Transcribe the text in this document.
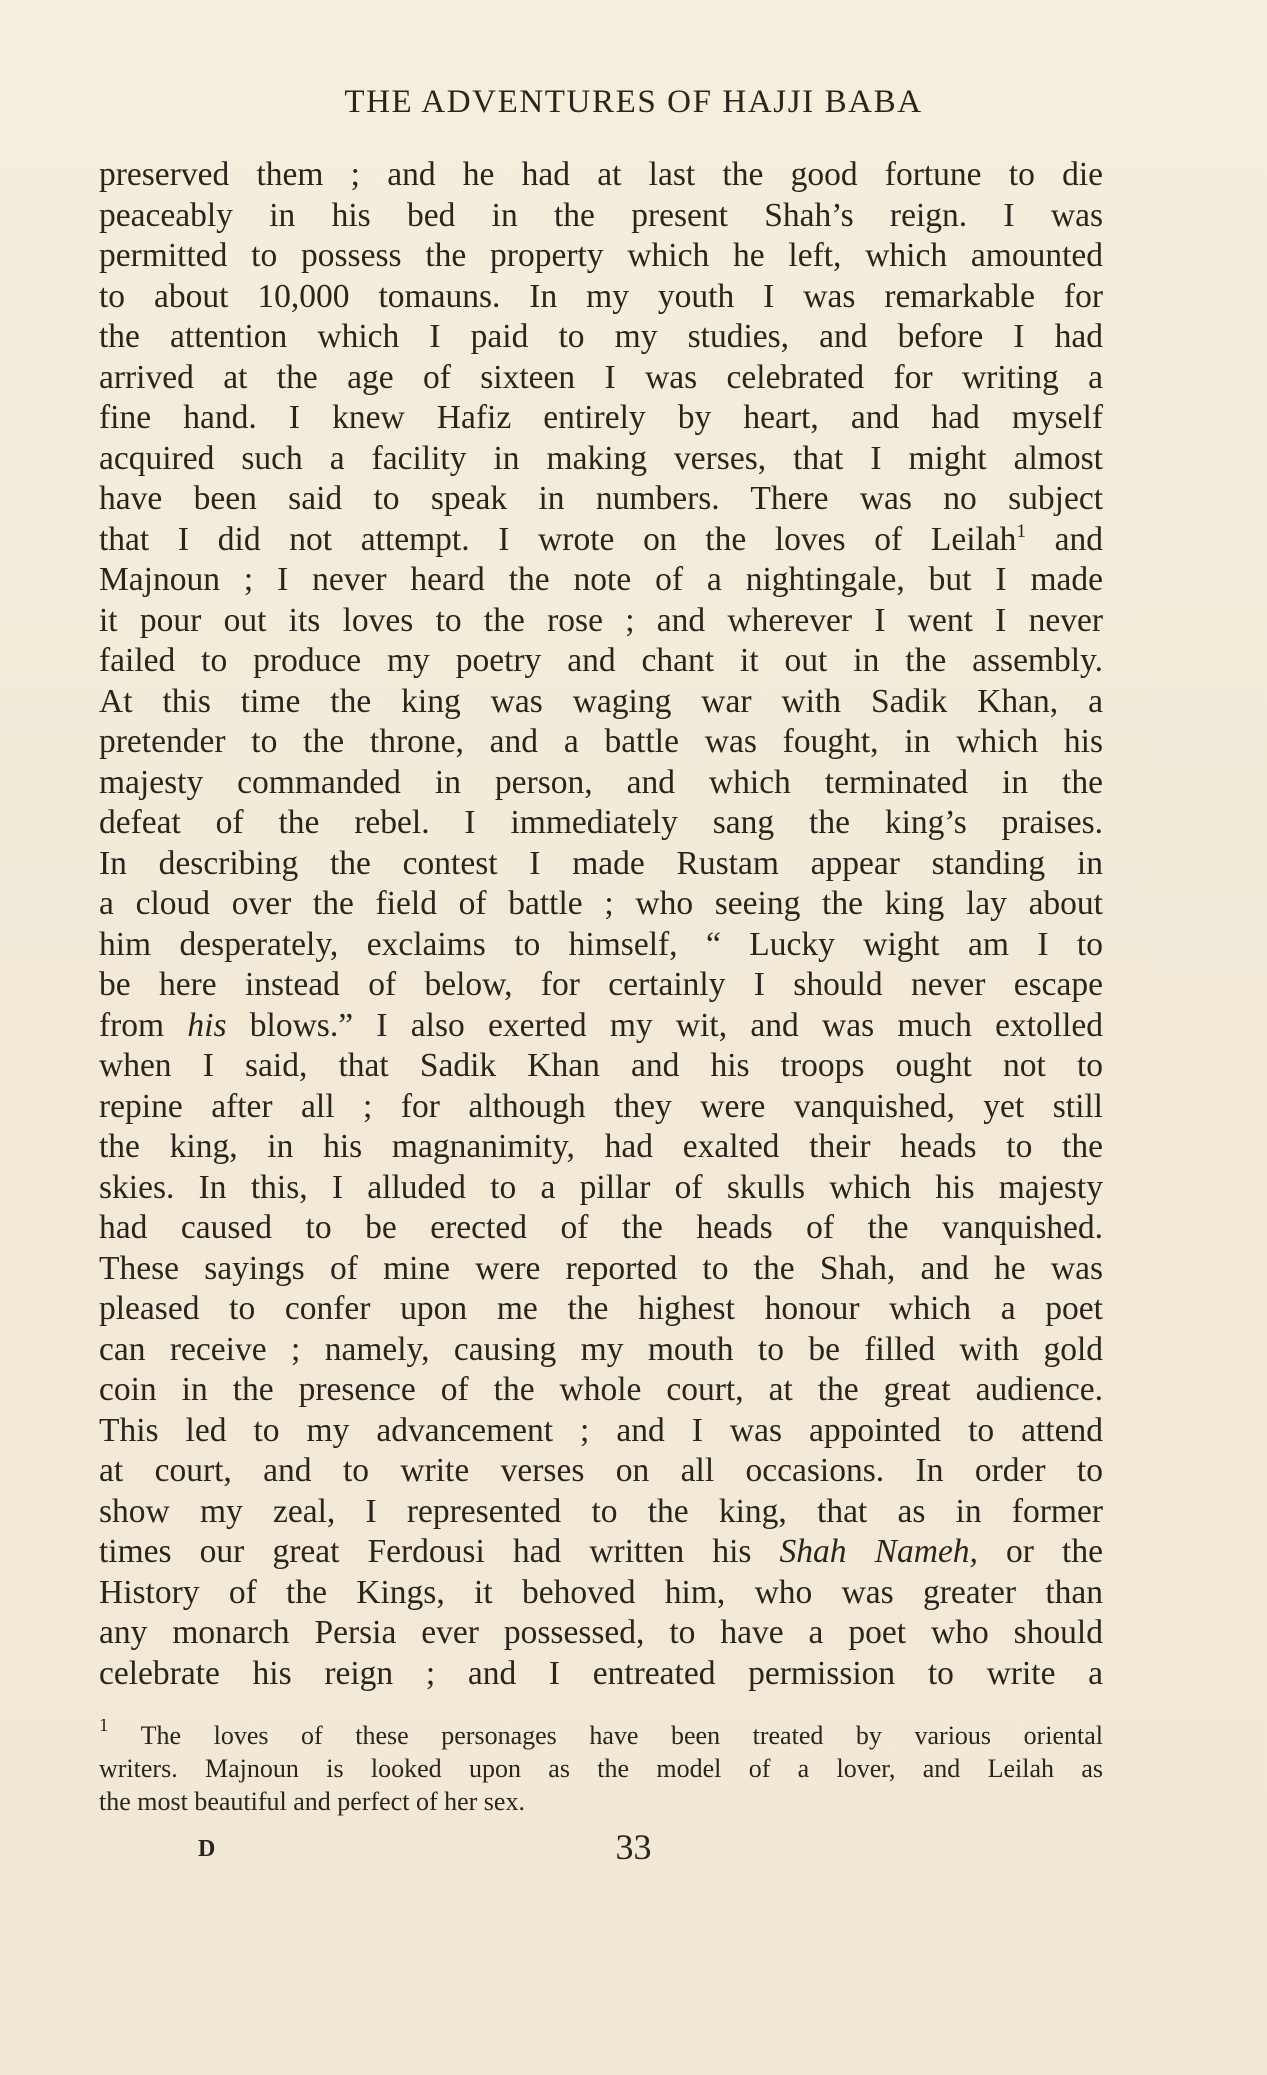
THE ADVENTURES OF HAJJI BABA
preserved them ; and he had at last the good fortune to die
peaceably in his bed in the present Shah’s reign. I was
permitted to possess the property which he left, which amounted
to about 10,000 tomauns. In my youth I was remarkable for
the attention which I paid to my studies, and before I had
arrived at the age of sixteen I was celebrated for writing a
fine hand. I knew Hafiz entirely by heart, and had myself
acquired such a facility in making verses, that I might almost
have been said to speak in numbers. There was no subject
that I did not attempt. I wrote on the loves of Leilah$^1$ and
Majnoun ; I never heard the note of a nightingale, but I made
it pour out its loves to the rose ; and wherever I went I never
failed to produce my poetry and chant it out in the assembly.
At this time the king was waging war with Sadik Khan, a
pretender to the throne, and a battle was fought, in which his
majesty commanded in person, and which terminated in the
defeat of the rebel. I immediately sang the king’s praises.
In describing the contest I made Rustam appear standing in
a cloud over the field of battle ; who seeing the king lay about
him desperately, exclaims to himself, “ Lucky wight am I to
be here instead of below, for certainly I should never escape
from his blows.” I also exerted my wit, and was much extolled
when I said, that Sadik Khan and his troops ought not to
repine after all ; for although they were vanquished, yet still
the king, in his magnanimity, had exalted their heads to the
skies. In this, I alluded to a pillar of skulls which his majesty
had caused to be erected of the heads of the vanquished.
These sayings of mine were reported to the Shah, and he was
pleased to confer upon me the highest honour which a poet
can receive ; namely, causing my mouth to be filled with gold
coin in the presence of the whole court, at the great audience.
This led to my advancement ; and I was appointed to attend
at court, and to write verses on all occasions. In order to
show my zeal, I represented to the king, that as in former
times our great Ferdousi had written his Shah Nameh, or the
History of the Kings, it behoved him, who was greater than
any monarch Persia ever possessed, to have a poet who should
celebrate his reign ; and I entreated permission to write a
$^1$ The loves of these personages have been treated by various oriental
writers. Majnoun is looked upon as the model of a lover, and Leilah as
the most beautiful and perfect of her sex.
D	33
